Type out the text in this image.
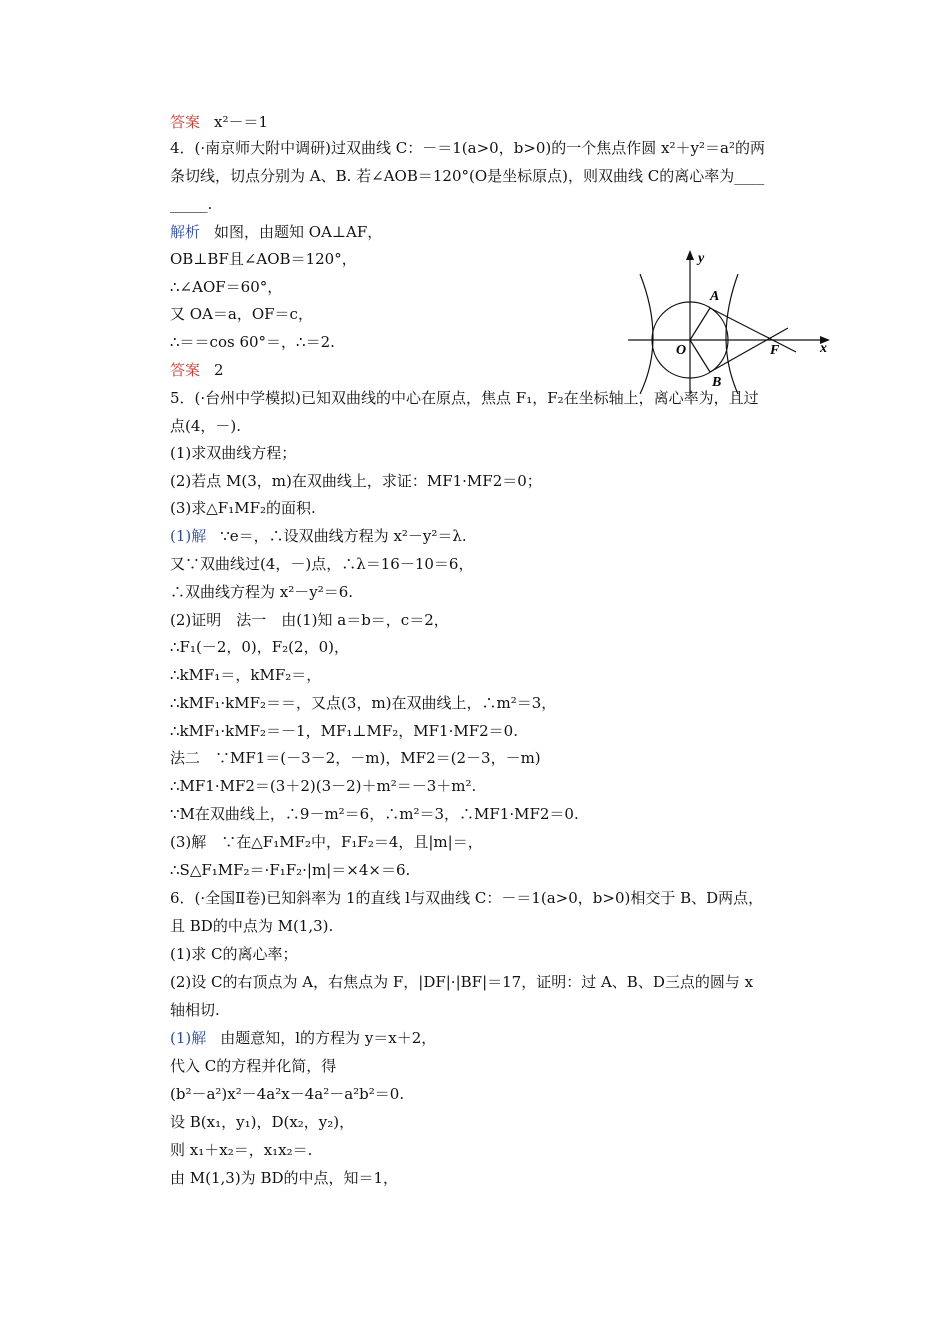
答案 x²－＝1
4．(·南京师大附中调研)过双曲线 C：－＝1(a>0，b>0)的一个焦点作圆 x²＋y²＝a²的两
条切线，切点分别为 A、B. 若∠AOB＝120°(O是坐标原点)，则双曲线 C的离心率为____
_____.
解析 如图，由题知 OA⊥AF，
OB⊥BF且∠AOB＝120°，
∴∠AOF＝60°，
又 OA＝a，OF＝c，
∴＝＝cos 60°＝，∴＝2.
答案 2
5．(·台州中学模拟)已知双曲线的中心在原点，焦点 F₁，F₂在坐标轴上，离心率为，且过
点(4，－).
(1)求双曲线方程；
(2)若点 M(3，m)在双曲线上，求证：MF1·MF2＝0；
(3)求△F₁MF₂的面积.
(1)解 ∵e＝，∴设双曲线方程为 x²－y²＝λ.
又∵双曲线过(4，－)点，∴λ＝16－10＝6，
∴双曲线方程为 x²－y²＝6.
(2)证明　法一　由(1)知 a＝b＝，c＝2，
∴F₁(－2，0)，F₂(2，0)，
∴kMF₁＝，kMF₂＝，
∴kMF₁·kMF₂＝＝，又点(3，m)在双曲线上，∴m²＝3，
∴kMF₁·kMF₂＝－1，MF₁⊥MF₂，MF1·MF2＝0.
法二　∵MF1＝(－3－2，－m)，MF2＝(2－3，－m)
∴MF1·MF2＝(3＋2)(3－2)＋m²＝－3＋m².
∵M在双曲线上，∴9－m²＝6，∴m²＝3，∴MF1·MF2＝0.
(3)解　∵在△F₁MF₂中，F₁F₂＝4，且|m|＝，
∴S△F₁MF₂＝·F₁F₂·|m|＝×4×＝6.
6．(·全国Ⅱ卷)已知斜率为 1的直线 l与双曲线 C：－＝1(a>0，b>0)相交于 B、D两点，
且 BD的中点为 M(1,3).
(1)求 C的离心率；
(2)设 C的右顶点为 A，右焦点为 F，|DF|·|BF|＝17，证明：过 A、B、D三点的圆与 x
轴相切.
(1)解 由题意知，l的方程为 y＝x＋2，
代入 C的方程并化简，得
(b²－a²)x²－4a²x－4a²－a²b²＝0.
设 B(x₁，y₁)，D(x₂，y₂)，
则 x₁＋x₂＝，x₁x₂＝.
由 M(1,3)为 BD的中点，知＝1，
y
x
O	F
A
B
